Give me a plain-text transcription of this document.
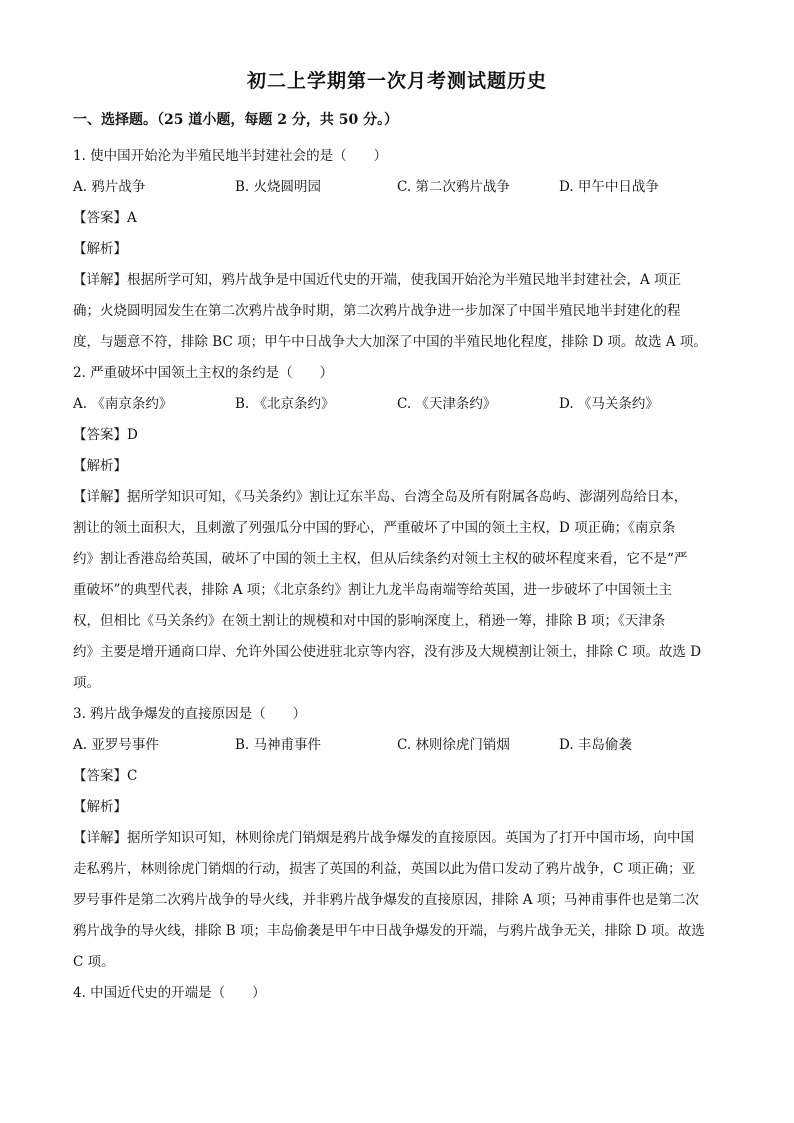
初二上学期第一次月考测试题历史
一、选择题。（25 道小题，每题 2 分，共 50 分。）
1. 使中国开始沦为半殖民地半封建社会的是（　　）
A. 鸦片战争	B. 火烧圆明园	C. 第二次鸦片战争	D. 甲午中日战争
【答案】A
【解析】

【详解】根据所学可知，鸦片战争是中国近代史的开端，使我国开始沦为半殖民地半封建社会，A 项正

确；火烧圆明园发生在第二次鸦片战争时期，第二次鸦片战争进一步加深了中国半殖民地半封建化的程

度，与题意不符，排除 BC 项；甲午中日战争大大加深了中国的半殖民地化程度，排除 D 项。故选 A 项。

2. 严重破坏中国领土主权的条约是（　　）
A. 《南京条约》	B. 《北京条约》	C. 《天津条约》	D. 《马关条约》
【答案】D
【解析】

【详解】据所学知识可知，《马关条约》割让辽东半岛、台湾全岛及所有附属各岛屿、澎湖列岛给日本，

割让的领土面积大，且刺激了列强瓜分中国的野心，严重破坏了中国的领土主权，D 项正确；《南京条

约》割让香港岛给英国，破坏了中国的领土主权，但从后续条约对领土主权的破坏程度来看，它不是“严

重破坏”的典型代表，排除 A 项；《北京条约》割让九龙半岛南端等给英国，进一步破坏了中国领土主

权，但相比《马关条约》在领土割让的规模和对中国的影响深度上，稍逊一筹，排除 B 项；《天津条

约》主要是增开通商口岸、允许外国公使进驻北京等内容，没有涉及大规模割让领土，排除 C 项。故选 D

项。

3. 鸦片战争爆发的直接原因是（　　）
A. 亚罗号事件	B. 马神甫事件	C. 林则徐虎门销烟	D. 丰岛偷袭
【答案】C
【解析】

【详解】据所学知识可知，林则徐虎门销烟是鸦片战争爆发的直接原因。英国为了打开中国市场，向中国

走私鸦片，林则徐虎门销烟的行动，损害了英国的利益，英国以此为借口发动了鸦片战争，C 项正确；亚

罗号事件是第二次鸦片战争的导火线，并非鸦片战争爆发的直接原因，排除 A 项；马神甫事件也是第二次

鸦片战争的导火线，排除 B 项；丰岛偷袭是甲午中日战争爆发的开端，与鸦片战争无关，排除 D 项。故选

C 项。

4. 中国近代史的开端是（　　）
